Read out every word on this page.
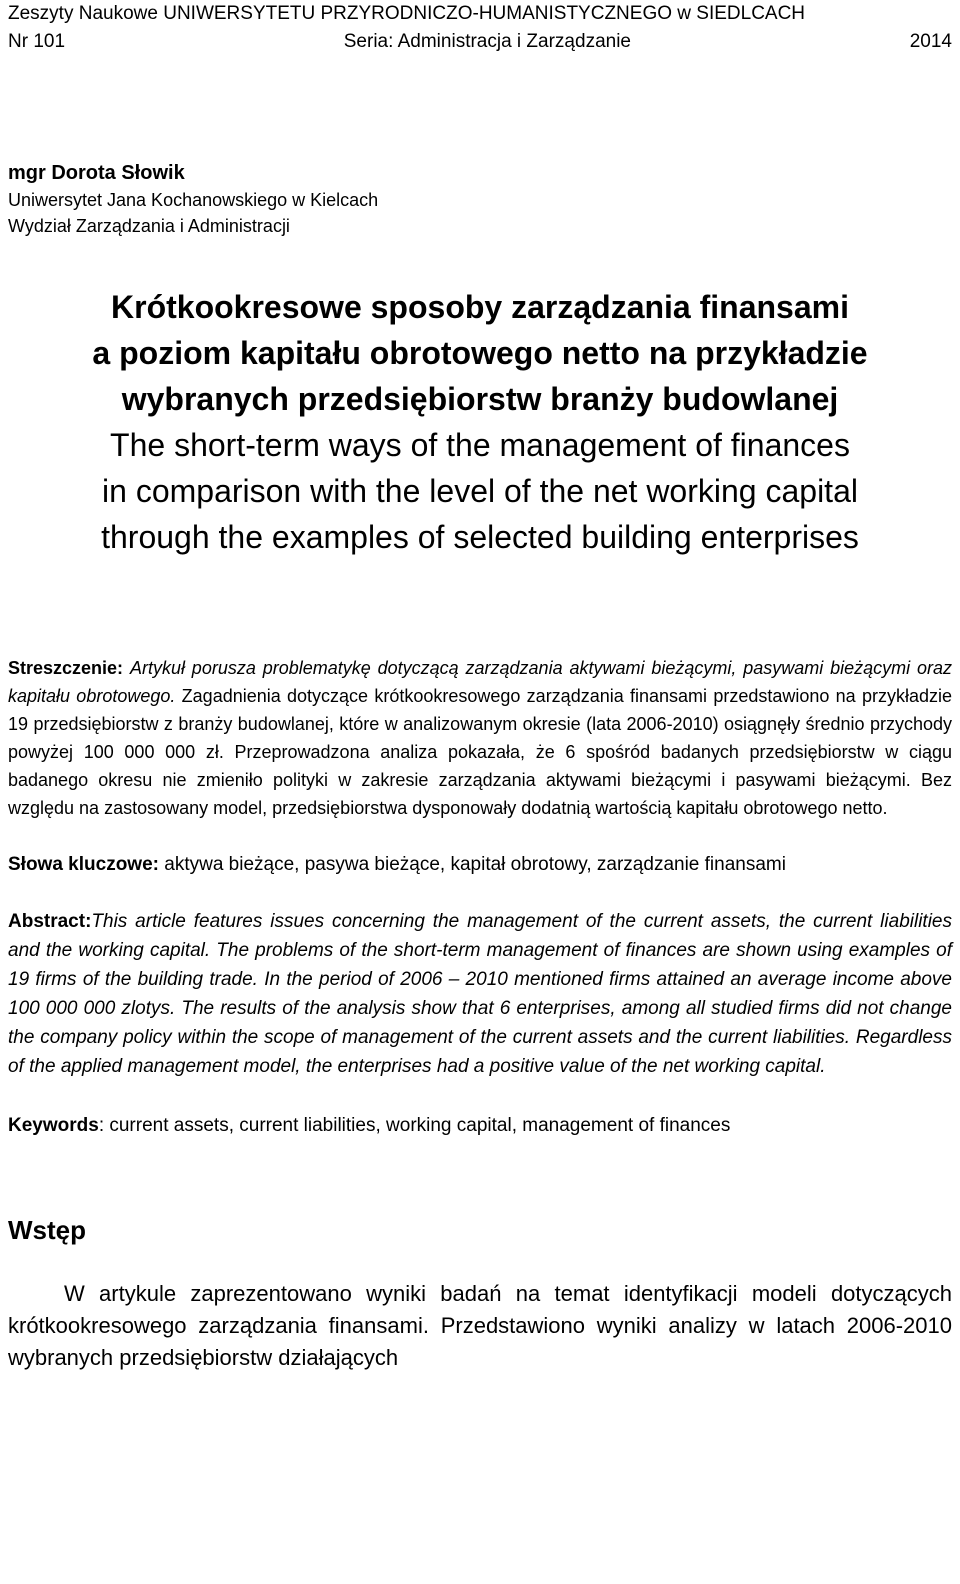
Zeszyty Naukowe UNIWERSYTETU PRZYRODNICZO-HUMANISTYCZNEGO w SIEDLCACH
Nr 101	Seria: Administracja i Zarządzanie	2014
mgr Dorota Słowik
Uniwersytet Jana Kochanowskiego w Kielcach
Wydział Zarządzania i Administracji
Krótkookresowe sposoby zarządzania finansami
a poziom kapitału obrotowego netto na przykładzie
wybranych przedsiębiorstw branży budowlanej
The short-term ways of the management of finances
in comparison with the level of the net working capital
through the examples of selected building enterprises
Streszczenie: Artykuł porusza problematykę dotyczącą zarządzania aktywami bieżącymi, pasywami bieżącymi oraz kapitału obrotowego. Zagadnienia dotyczące krótkookresowego zarządzania finansami przedstawiono na przykładzie 19 przedsiębiorstw z branży budowlanej, które w analizowanym okresie (lata 2006-2010) osiągnęły średnio przychody powyżej 100 000 000 zł. Przeprowadzona analiza pokazała, że 6 spośród badanych przedsiębiorstw w ciągu badanego okresu nie zmieniło polityki w zakresie zarządzania aktywami bieżącymi i pasywami bieżącymi. Bez względu na zastosowany model, przedsiębiorstwa dysponowały dodatnią wartością kapitału obrotowego netto.
Słowa kluczowe: aktywa bieżące, pasywa bieżące, kapitał obrotowy, zarządzanie finansami
Abstract:This article features issues concerning the management of the current assets, the current liabilities and the working capital. The problems of the short-term management of finances are shown using examples of 19 firms of the building trade. In the period of 2006 – 2010 mentioned firms attained an average income above 100 000 000 zlotys. The results of the analysis show that 6 enterprises, among all studied firms did not change the company policy within the scope of management of the current assets and the current liabilities. Regardless of the applied management model, the enterprises had a positive value of the net working capital.
Keywords: current assets, current liabilities, working capital, management of finances
Wstęp
W artykule zaprezentowano wyniki badań na temat identyfikacji modeli dotyczących krótkookresowego zarządzania finansami. Przedstawiono wyniki analizy w latach 2006-2010 wybranych przedsiębiorstw działających
